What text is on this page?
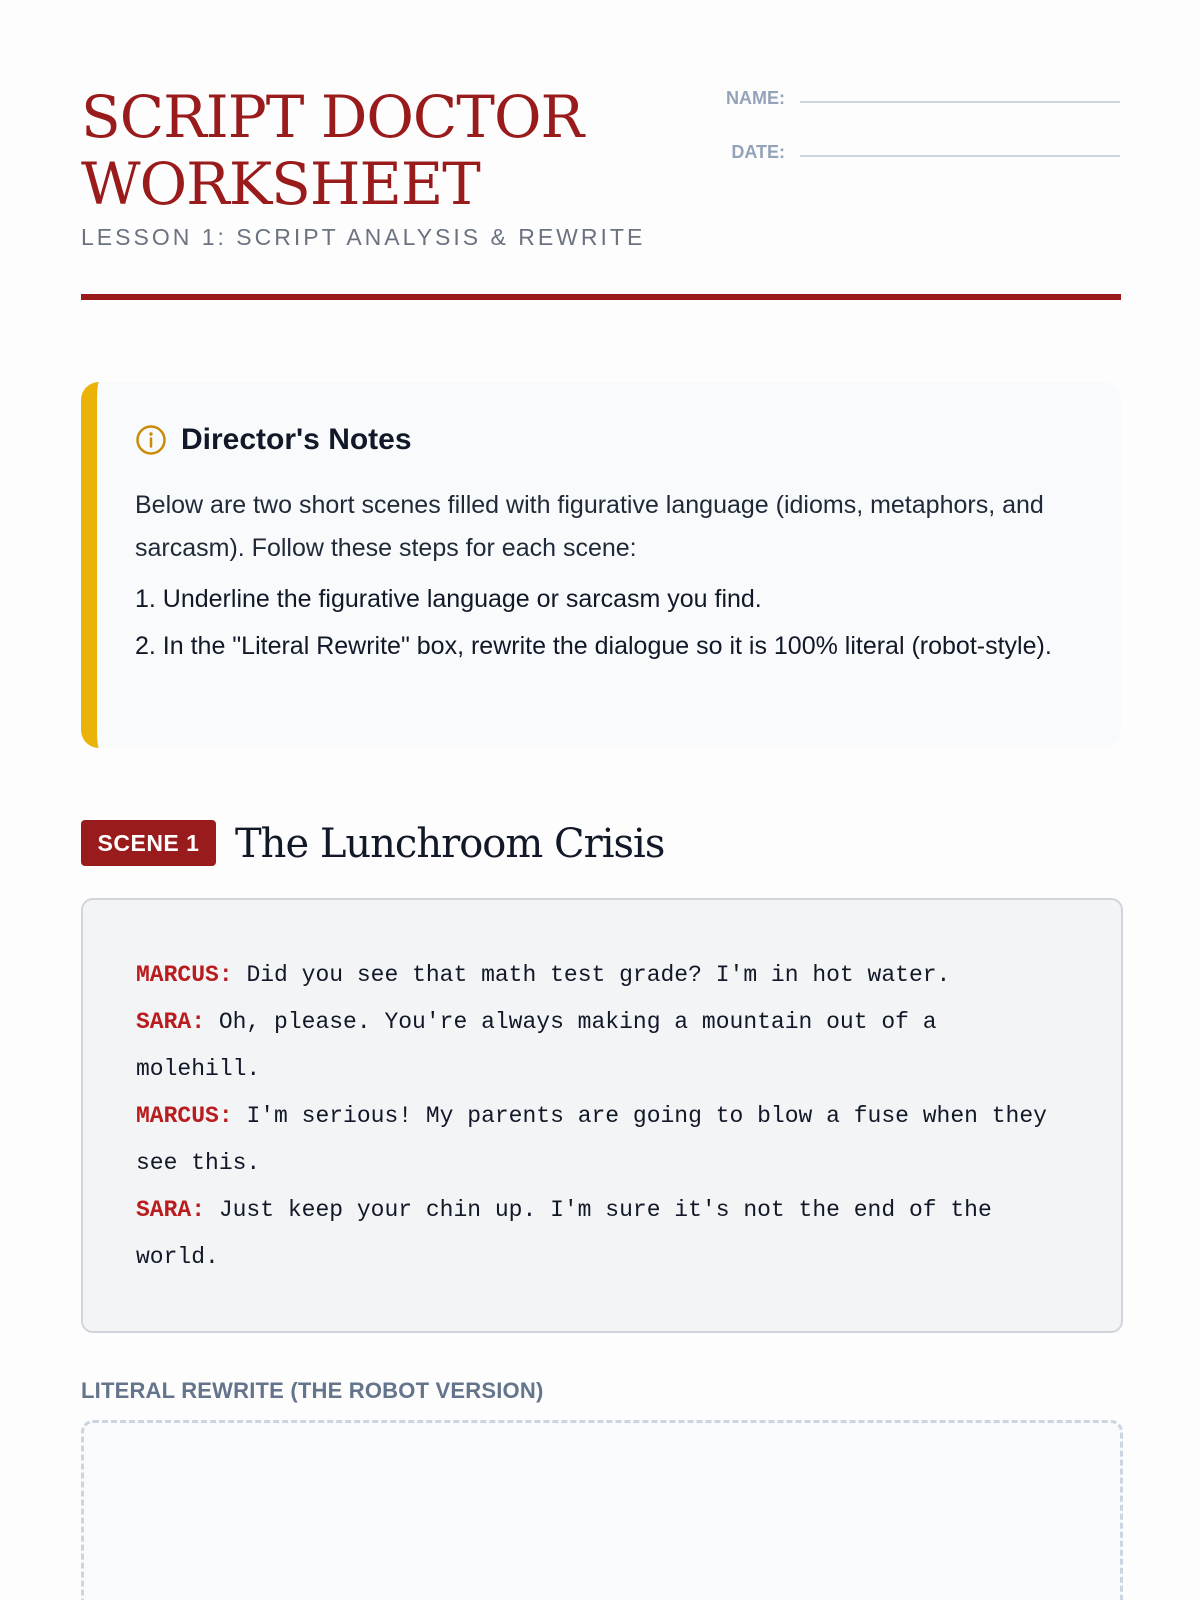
SCRIPT DOCTOR
WORKSHEET
LESSON 1: SCRIPT ANALYSIS & REWRITE
NAME:
DATE:
Director's Notes

Below are two short scenes filled with figurative language (idioms, metaphors, and sarcasm). Follow these steps for each scene:

1. Underline the figurative language or sarcasm you find.
2. In the "Literal Rewrite" box, rewrite the dialogue so it is 100% literal (robot-style).
SCENE 1 The Lunchroom Crisis

MARCUS: Did you see that math test grade? I'm in hot water.

SARA: Oh, please. You're always making a mountain out of a molehill.

MARCUS: I'm serious! My parents are going to blow a fuse when they see this.

SARA: Just keep your chin up. I'm sure it's not the end of the world.

LITERAL REWRITE (THE ROBOT VERSION)
